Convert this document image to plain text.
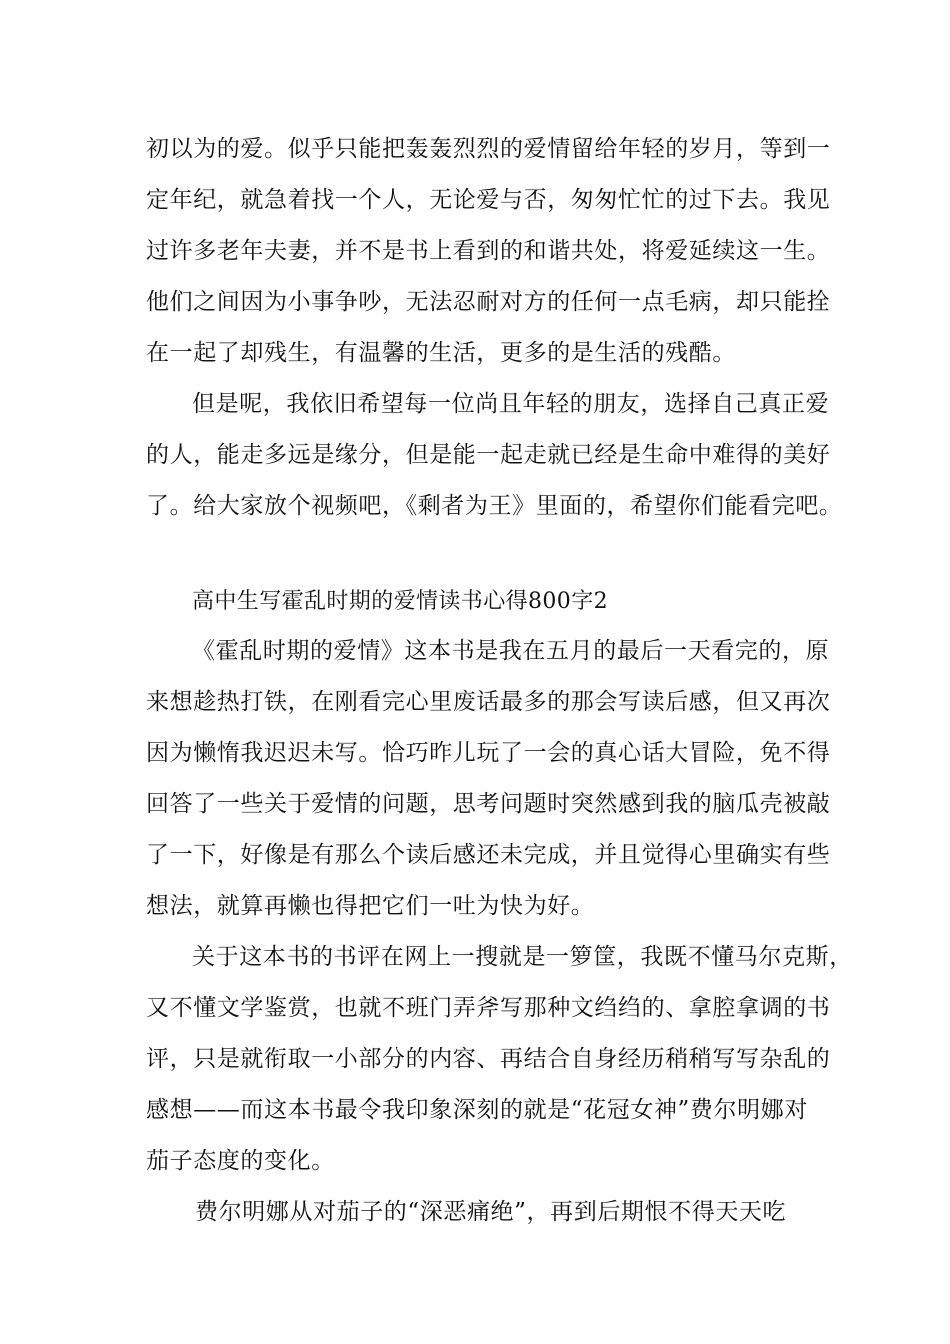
初以为的爱。似乎只能把轰轰烈烈的爱情留给年轻的岁月，等到一
定年纪，就急着找一个人，无论爱与否，匆匆忙忙的过下去。我见
过许多老年夫妻，并不是书上看到的和谐共处，将爱延续这一生。
他们之间因为小事争吵，无法忍耐对方的任何一点毛病，却只能拴
在一起了却残生，有温馨的生活，更多的是生活的残酷。
但是呢，我依旧希望每一位尚且年轻的朋友，选择自己真正爱
的人，能走多远是缘分，但是能一起走就已经是生命中难得的美好
了。给大家放个视频吧，《剩者为王》里面的，希望你们能看完吧。
高中生写霍乱时期的爱情读书心得800字2
《霍乱时期的爱情》这本书是我在五月的最后一天看完的，原
来想趁热打铁，在刚看完心里废话最多的那会写读后感，但又再次
因为懒惰我迟迟未写。恰巧昨儿玩了一会的真心话大冒险，免不得
回答了一些关于爱情的问题，思考问题时突然感到我的脑瓜壳被敲
了一下，好像是有那么个读后感还未完成，并且觉得心里确实有些
想法，就算再懒也得把它们一吐为快为好。
关于这本书的书评在网上一搜就是一箩筐，我既不懂马尔克斯，
又不懂文学鉴赏，也就不班门弄斧写那种文绉绉的、拿腔拿调的书
评，只是就衔取一小部分的内容、再结合自身经历稍稍写写杂乱的
感想——而这本书最令我印象深刻的就是“花冠女神”费尔明娜对
茄子态度的变化。
费尔明娜从对茄子的“深恶痛绝”，再到后期恨不得天天吃
